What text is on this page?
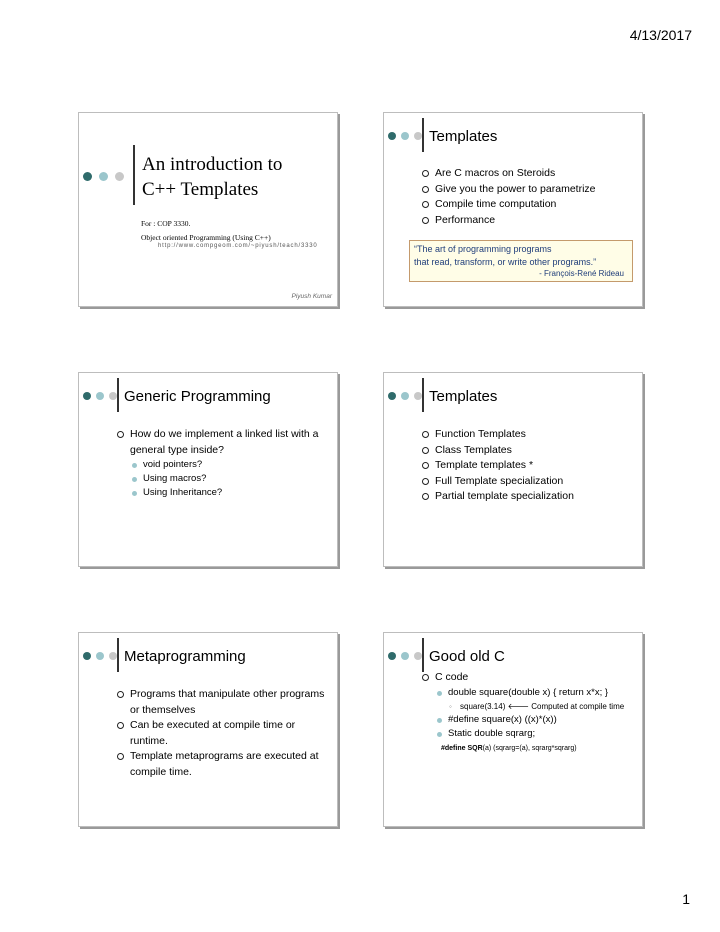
4/13/2017
An introduction to
C++ Templates
For : COP 3330.
Object oriented Programming (Using C++)
http://www.compgeom.com/~piyush/teach/3330
Piyush Kumar
Templates
Are C macros on Steroids
Give you the power to parametrize
Compile time computation
Performance
“The art of programming programs
that read, transform, or write other programs.”
- François-René Rideau
Generic Programming
How do we implement a linked list with a general type inside?
void pointers?
Using macros?
Using Inheritance?
Templates
Function Templates
Class Templates
Template templates *
Full Template specialization
Partial template specialization
Metaprogramming
Programs that manipulate other programs or themselves
Can be executed at compile time or runtime.
Template metaprograms are executed at compile time.
Good old C
C code
double square(double x) { return x*x; }
◦ square(3.14) 🡐 Computed at compile time
#define square(x) ((x)*(x))
Static double sqrarg;
#define SQR(a) (sqrarg=(a), sqrarg*sqrarg)
1
